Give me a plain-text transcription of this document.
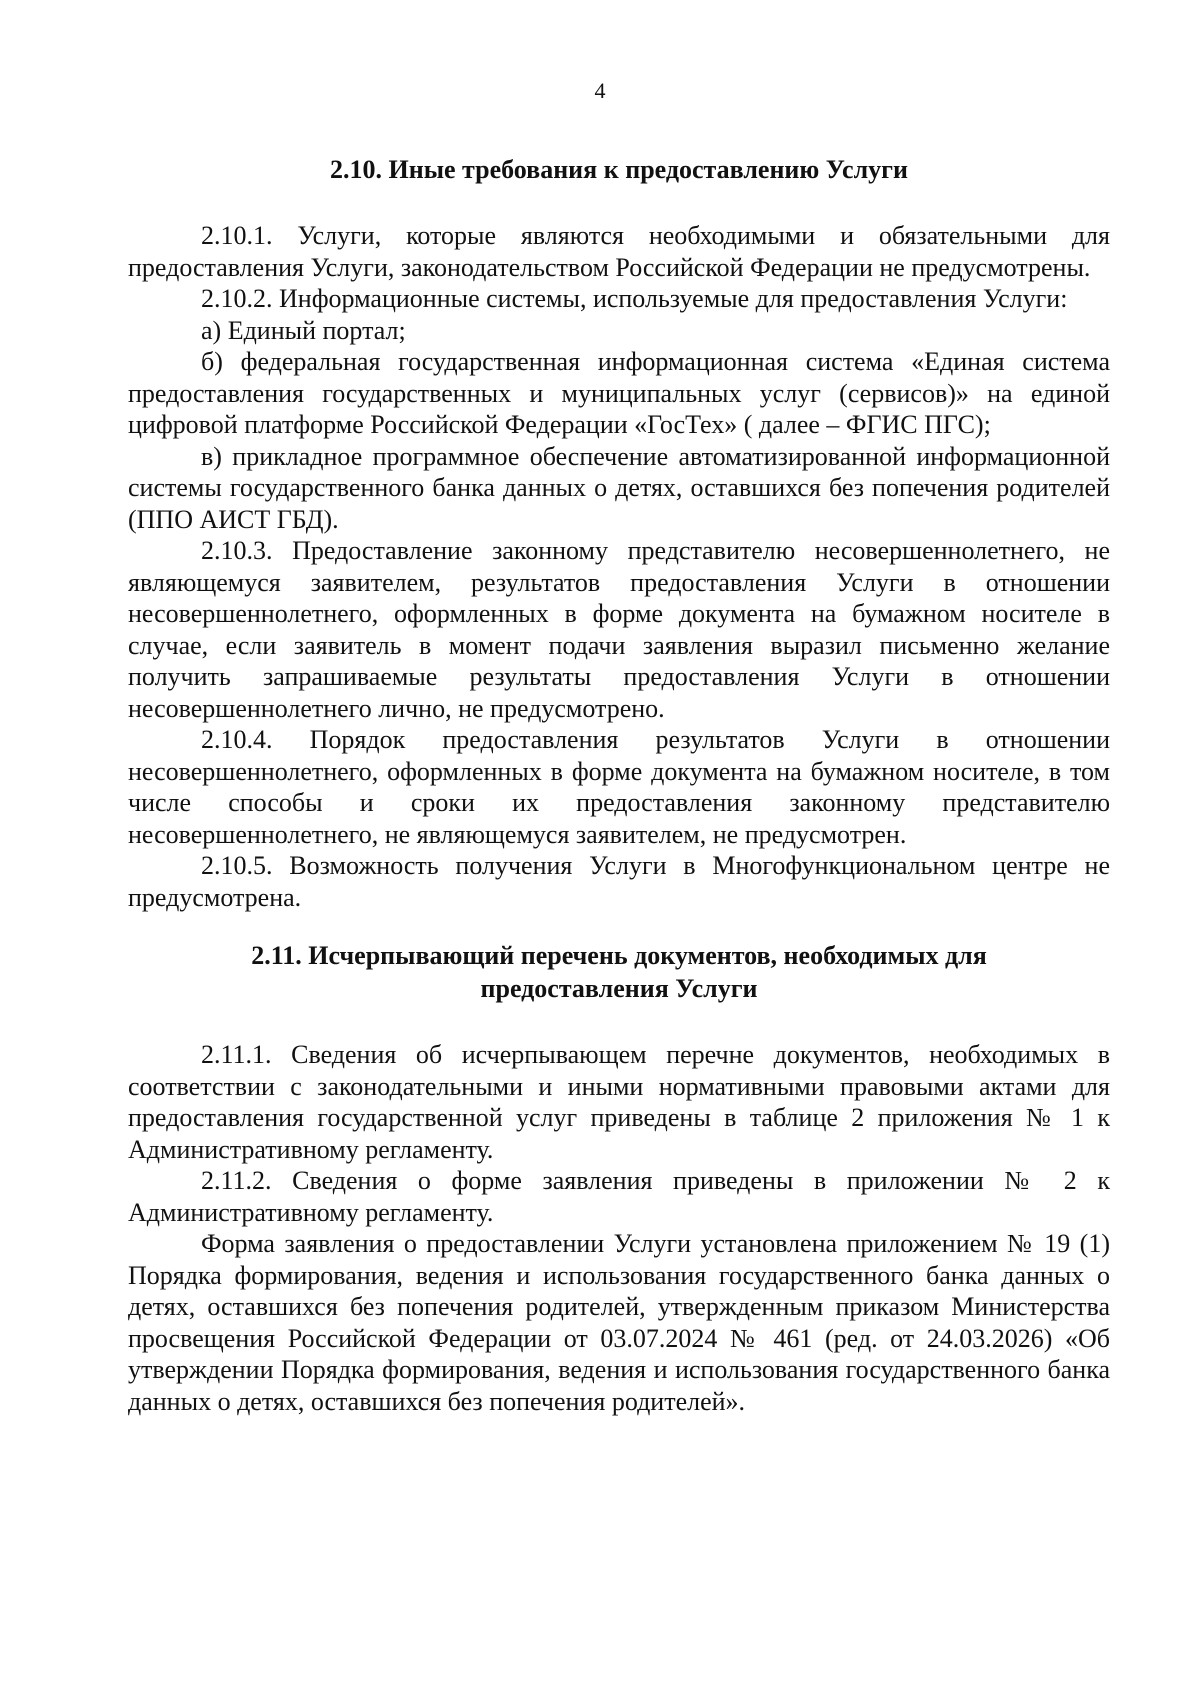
4
2.10. Иные требования к предоставлению Услуги

2.10.1. Услуги, которые являются необходимыми и обязательными для предоставления Услуги, законодательством Российской Федерации не предусмотрены.

2.10.2. Информационные системы, используемые для предоставления Услуги:

а) Единый портал;

б) федеральная государственная информационная система «Единая система предоставления государственных и муниципальных услуг (сервисов)» на единой цифровой платформе Российской Федерации «ГосТех» ( далее – ФГИС ПГС);

в) прикладное программное обеспечение автоматизированной информационной системы государственного банка данных о детях, оставшихся без попечения родителей (ППО АИСТ ГБД).

2.10.3. Предоставление законному представителю несовершеннолетнего, не являющемуся заявителем, результатов предоставления Услуги в отношении несовершеннолетнего, оформленных в форме документа на бумажном носителе в случае, если заявитель в момент подачи заявления выразил письменно желание получить запрашиваемые результаты предоставления Услуги в отношении несовершеннолетнего лично, не предусмотрено.

2.10.4. Порядок предоставления результатов Услуги в отношении несовершеннолетнего, оформленных в форме документа на бумажном носителе, в том числе способы и сроки их предоставления законному представителю несовершеннолетнего, не являющемуся заявителем, не предусмотрен.

2.10.5. Возможность получения Услуги в Многофункциональном центре не предусмотрена.

2.11. Исчерпывающий перечень документов, необходимых для
предоставления Услуги

2.11.1. Сведения об исчерпывающем перечне документов, необходимых в соответствии с законодательными и иными нормативными правовыми актами для предоставления государственной услуг приведены в таблице 2 приложения № 1 к Административному регламенту.

2.11.2. Сведения о форме заявления приведены в приложении № 2 к Административному регламенту.

Форма заявления о предоставлении Услуги установлена приложением № 19 (1) Порядка формирования, ведения и использования государственного банка данных о детях, оставшихся без попечения родителей, утвержденным приказом Министерства просвещения Российской Федерации от 03.07.2024 № 461 (ред. от 24.03.2026) «Об утверждении Порядка формирования, ведения и использования государственного банка данных о детях, оставшихся без попечения родителей».
